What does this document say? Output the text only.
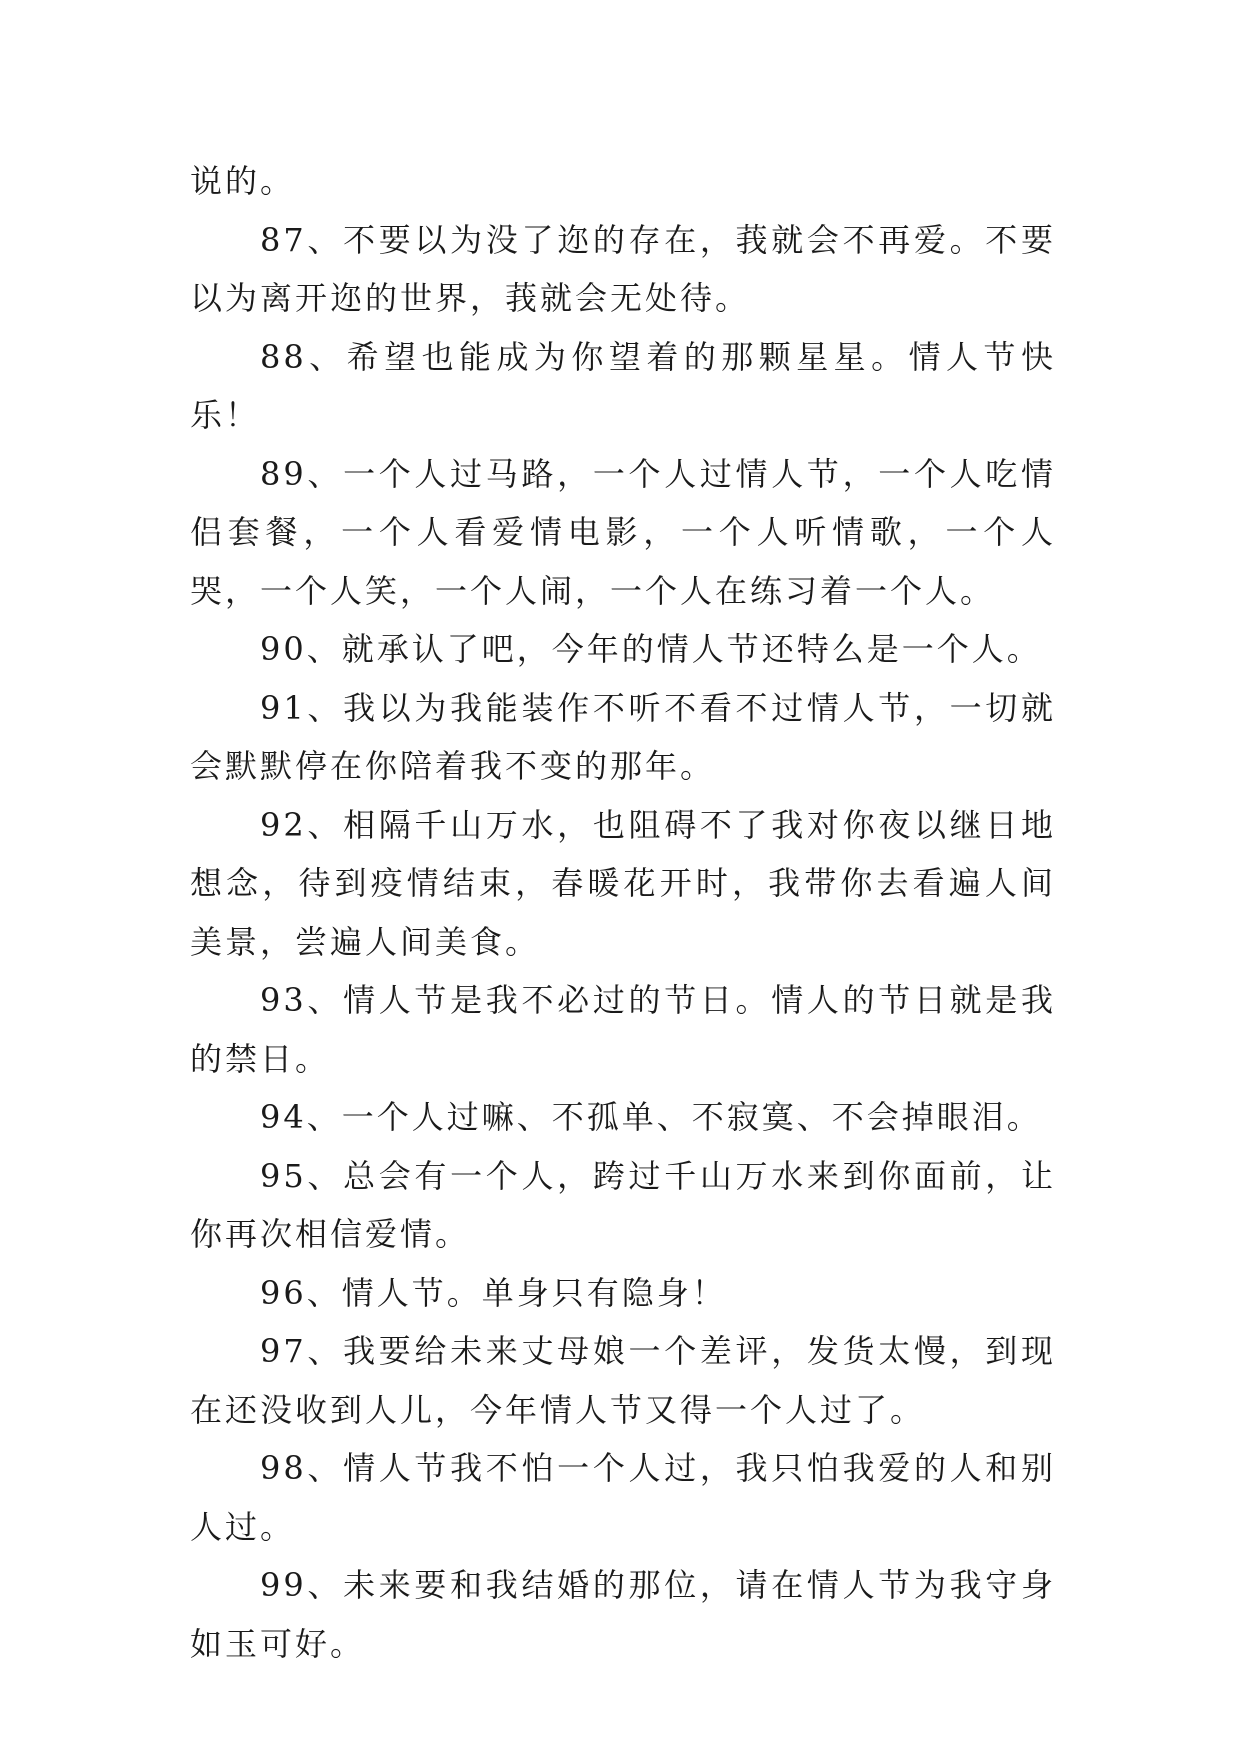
说的。

87、不要以为没了迩的存在，莪就会不再爱。不要以为离开迩的世界，莪就会无处待。

88、希望也能成为你望着的那颗星星。情人节快乐！

89、一个人过马路，一个人过情人节，一个人吃情侣套餐，一个人看爱情电影，一个人听情歌，一个人哭，一个人笑，一个人闹，一个人在练习着一个人。

90、就承认了吧，今年的情人节还特么是一个人。

91、我以为我能装作不听不看不过情人节，一切就会默默停在你陪着我不变的那年。

92、相隔千山万水，也阻碍不了我对你夜以继日地想念，待到疫情结束，春暖花开时，我带你去看遍人间美景，尝遍人间美食。

93、情人节是我不必过的节日。情人的节日就是我的禁日。

94、一个人过嘛、不孤单、不寂寞、不会掉眼泪。

95、总会有一个人，跨过千山万水来到你面前，让你再次相信爱情。

96、情人节。单身只有隐身！

97、我要给未来丈母娘一个差评，发货太慢，到现在还没收到人儿，今年情人节又得一个人过了。

98、情人节我不怕一个人过，我只怕我爱的人和别人过。

99、未来要和我结婚的那位，请在情人节为我守身如玉可好。
